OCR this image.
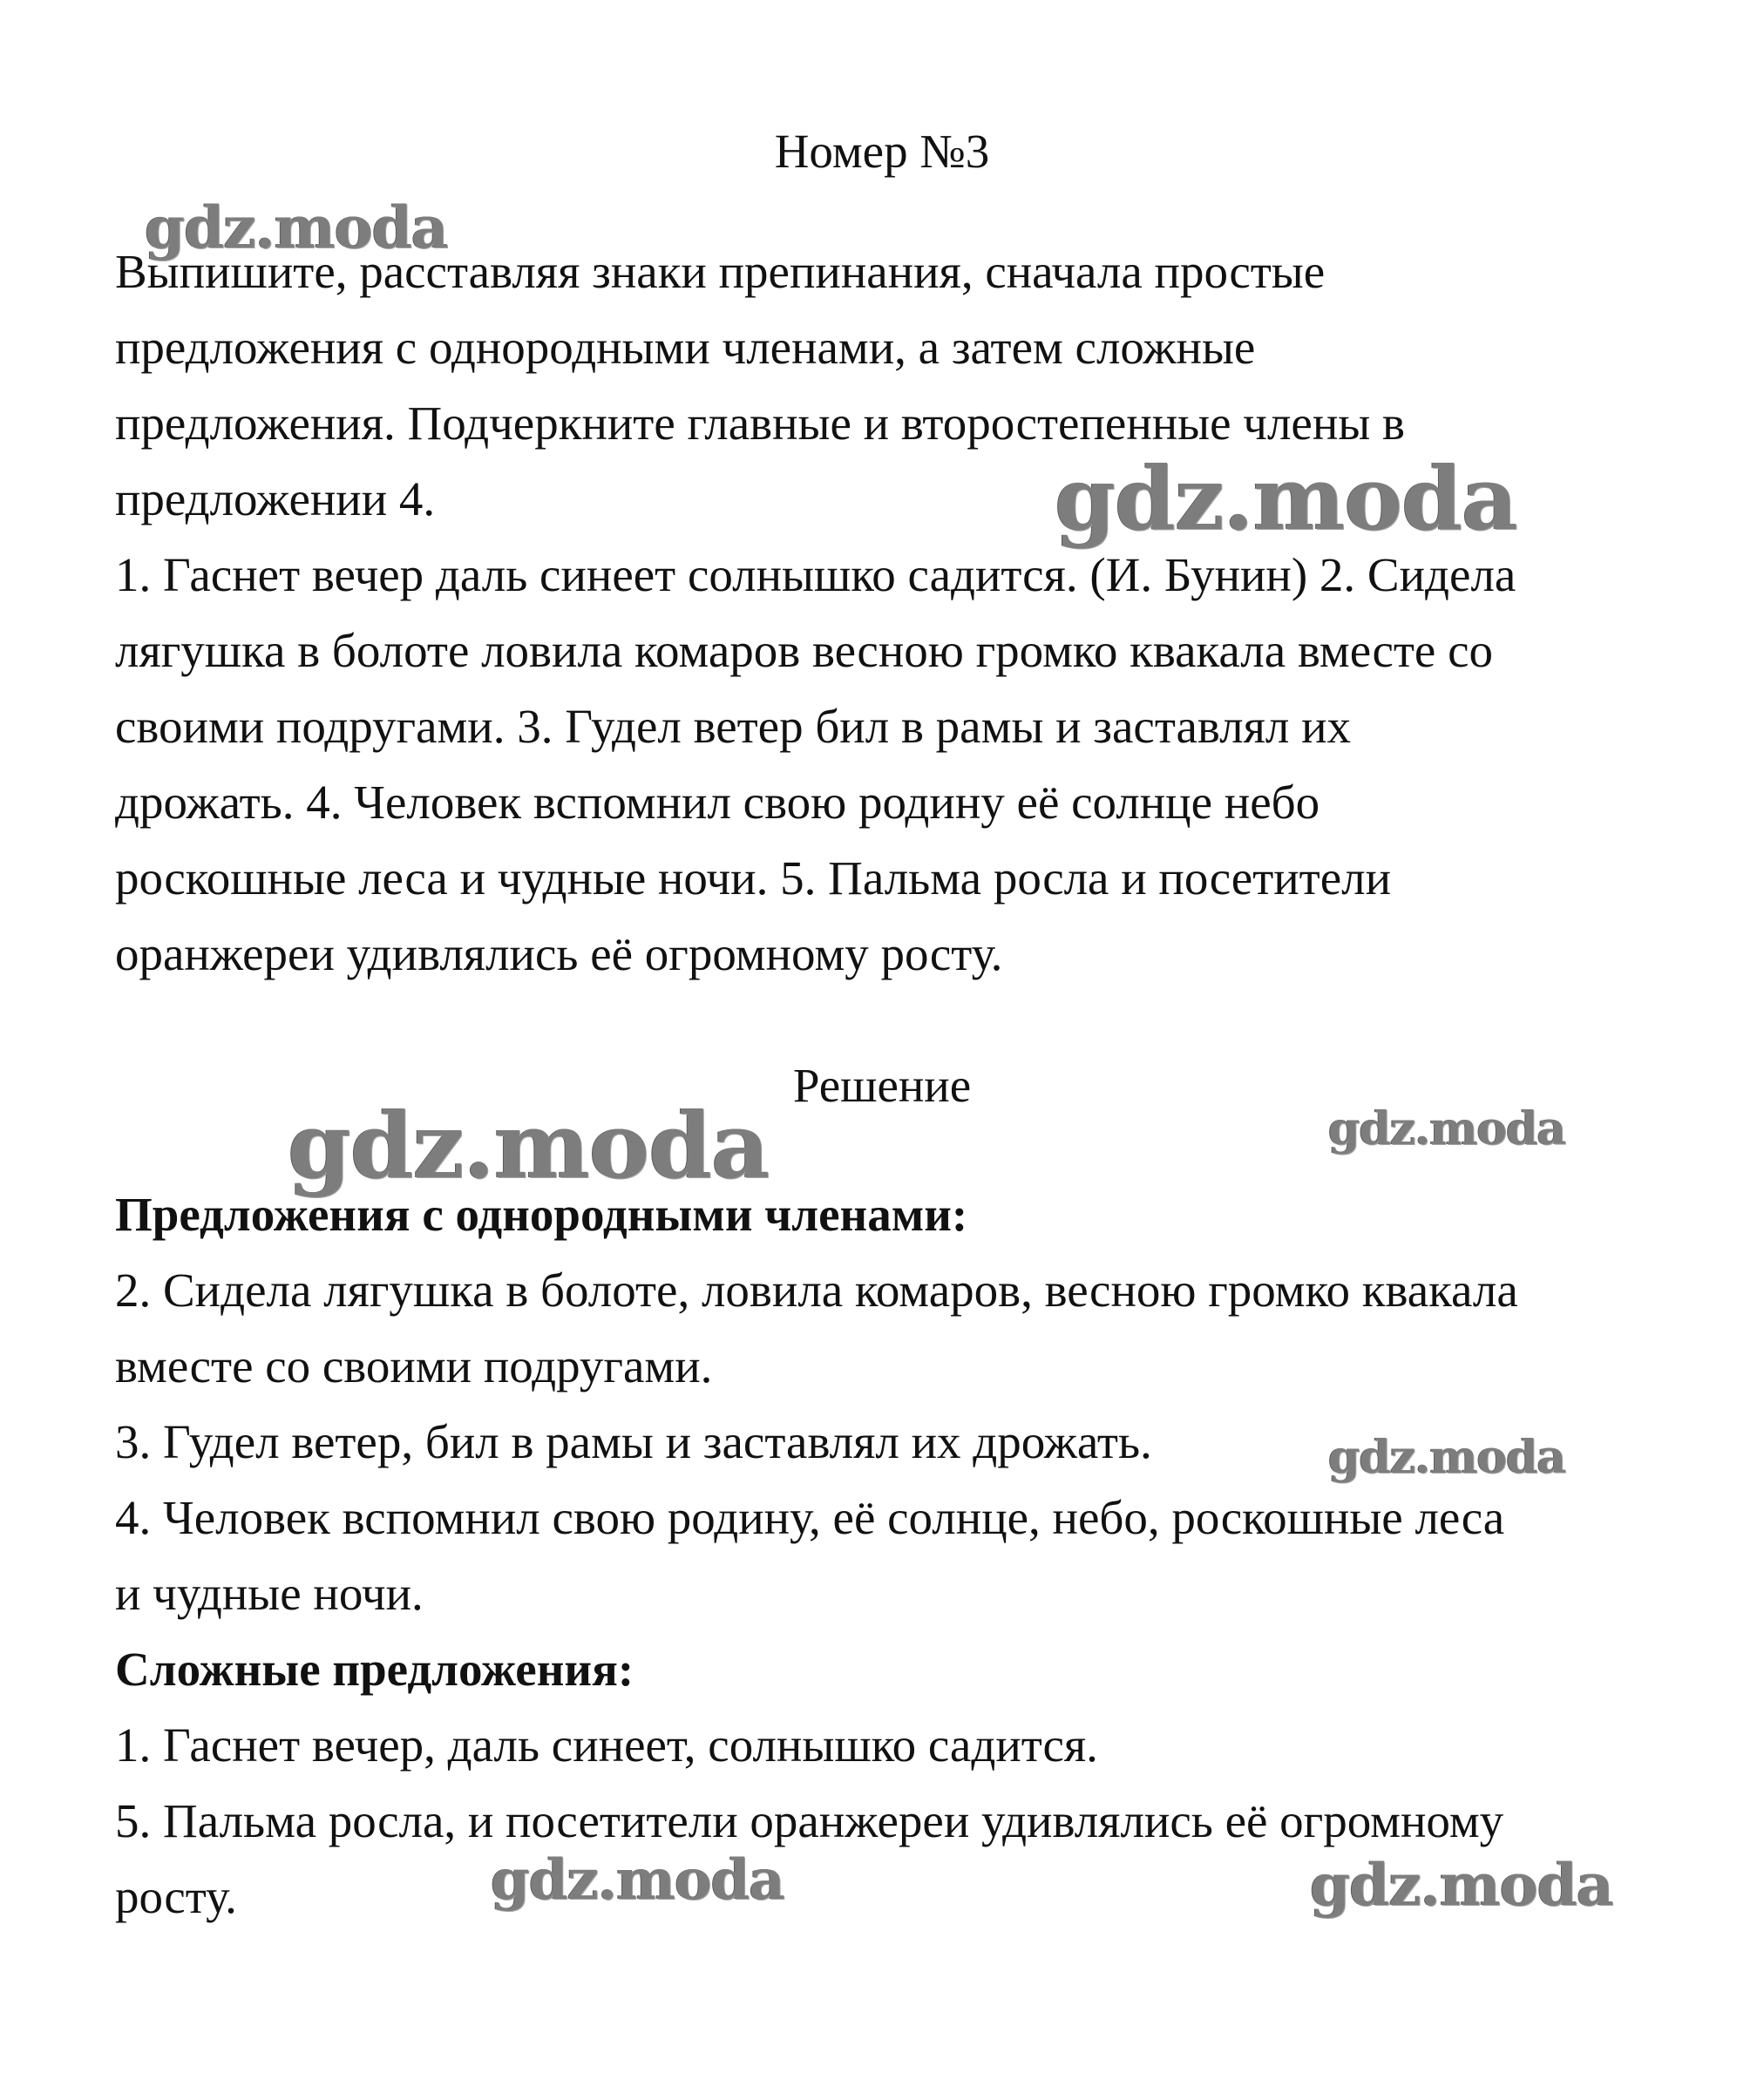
Номер №3
Выпишите, расставляя знаки препинания, сначала простые
предложения с однородными членами, а затем сложные
предложения. Подчеркните главные и второстепенные члены в
предложении 4.
1. Гаснет вечер даль синеет солнышко садится. (И. Бунин) 2. Сидела
лягушка в болоте ловила комаров весною громко квакала вместе со
своими подругами. 3. Гудел ветер бил в рамы и заставлял их
дрожать. 4. Человек вспомнил свою родину её солнце небо
роскошные леса и чудные ночи. 5. Пальма росла и посетители
оранжереи удивлялись её огромному росту.
Решение
Предложения с однородными членами:
2. Сидела лягушка в болоте, ловила комаров, весною громко квакала
вместе со своими подругами.
3. Гудел ветер, бил в рамы и заставлял их дрожать.
4. Человек вспомнил свою родину, её солнце, небо, роскошные леса
и чудные ночи.
Сложные предложения:
1. Гаснет вечер, даль синеет, солнышко садится.
5. Пальма росла, и посетители оранжереи удивлялись её огромному
росту.
gdz.moda
gdz.moda
gdz.moda	gdz.moda
gdz.moda
gdz.moda	gdz.moda
